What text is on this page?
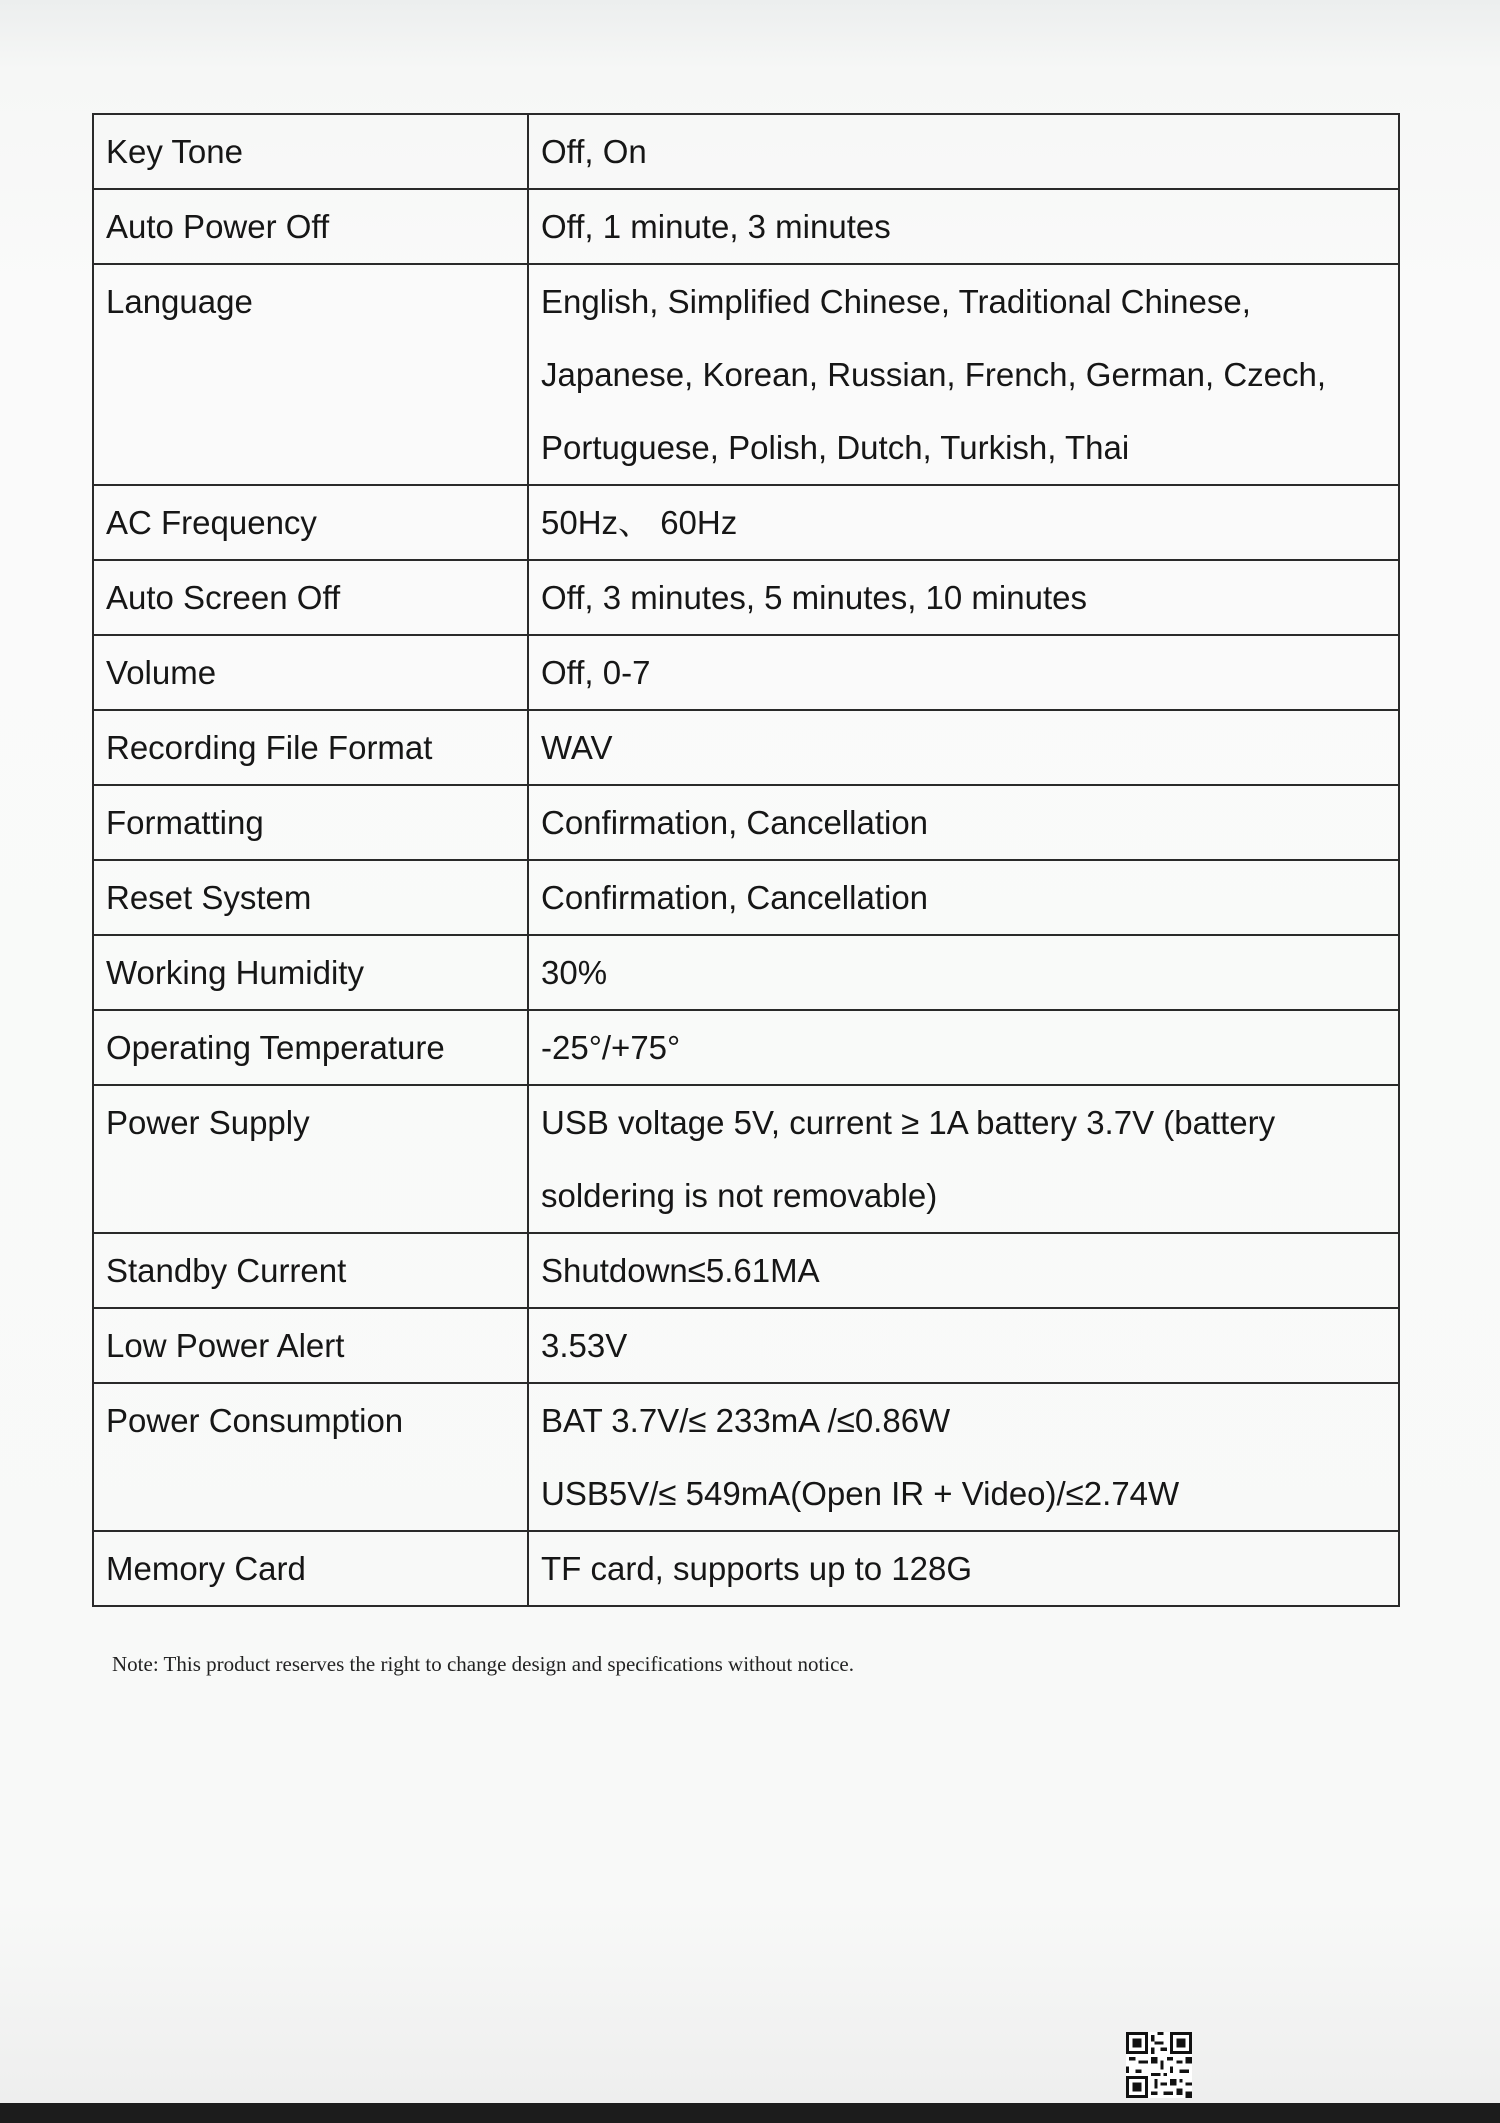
Key Tone	Off, On
Auto Power Off	Off, 1 minute, 3 minutes
Language	English, Simplified Chinese, Traditional Chinese,
Japanese, Korean, Russian, French, German, Czech,
Portuguese, Polish, Dutch, Turkish, Thai
AC Frequency	50Hz、 60Hz
Auto Screen Off	Off, 3 minutes, 5 minutes, 10 minutes
Volume	Off, 0-7
Recording File Format	WAV
Formatting	Confirmation, Cancellation
Reset System	Confirmation, Cancellation
Working Humidity	30%
Operating Temperature	-25°/+75°
Power Supply	USB voltage 5V, current ≥ 1A battery 3.7V (battery
soldering is not removable)
Standby Current	Shutdown≤5.61MA
Low Power Alert	3.53V
Power Consumption	BAT 3.7V/≤ 233mA /≤0.86W
USB5V/≤ 549mA(Open IR + Video)/≤2.74W
Memory Card	TF card, supports up to 128G
Note: This product reserves the right to change design and specifications without notice.
